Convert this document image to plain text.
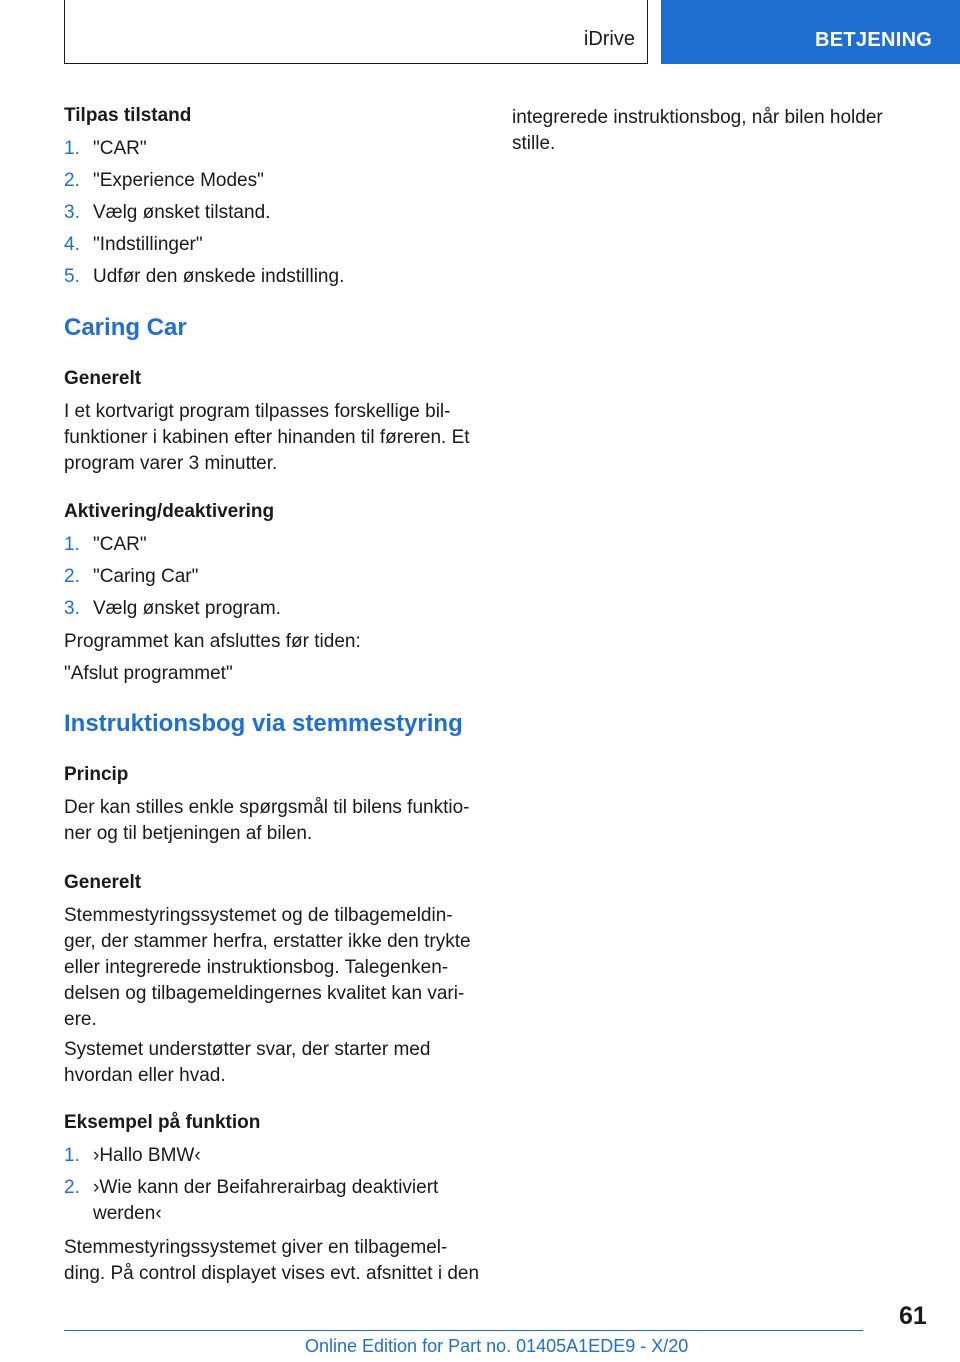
iDrive	BETJENING
Tilpas tilstand
1. "CAR"
2. "Experience Modes"
3. Vælg ønsket tilstand.
4. "Indstillinger"
5. Udfør den ønskede indstilling.
Caring Car
Generelt
I et kortvarigt program tilpasses forskellige bil‐
funktioner i kabinen efter hinanden til føreren. Et
program varer 3 minutter.
Aktivering/deaktivering
1. "CAR"
2. "Caring Car"
3. Vælg ønsket program.
Programmet kan afsluttes før tiden:
"Afslut programmet"
Instruktionsbog via stemmestyring
Princip
Der kan stilles enkle spørgsmål til bilens funktio‐
ner og til betjeningen af bilen.
Generelt
Stemmestyringssystemet og de tilbagemeldin‐
ger, der stammer herfra, erstatter ikke den trykte
eller integrerede instruktionsbog. Talegenken‐
delsen og tilbagemeldingernes kvalitet kan vari‐
ere.
Systemet understøtter svar, der starter med
hvordan eller hvad.
Eksempel på funktion
1. ›Hallo BMW‹
2. ›Wie kann der Beifahrerairbag deaktiviert
werden‹
Stemmestyringssystemet giver en tilbagemel‐
ding. På control displayet vises evt. afsnittet i den
integrerede instruktionsbog, når bilen holder
stille.
61
Online Edition for Part no. 01405A1EDE9 - X/20
